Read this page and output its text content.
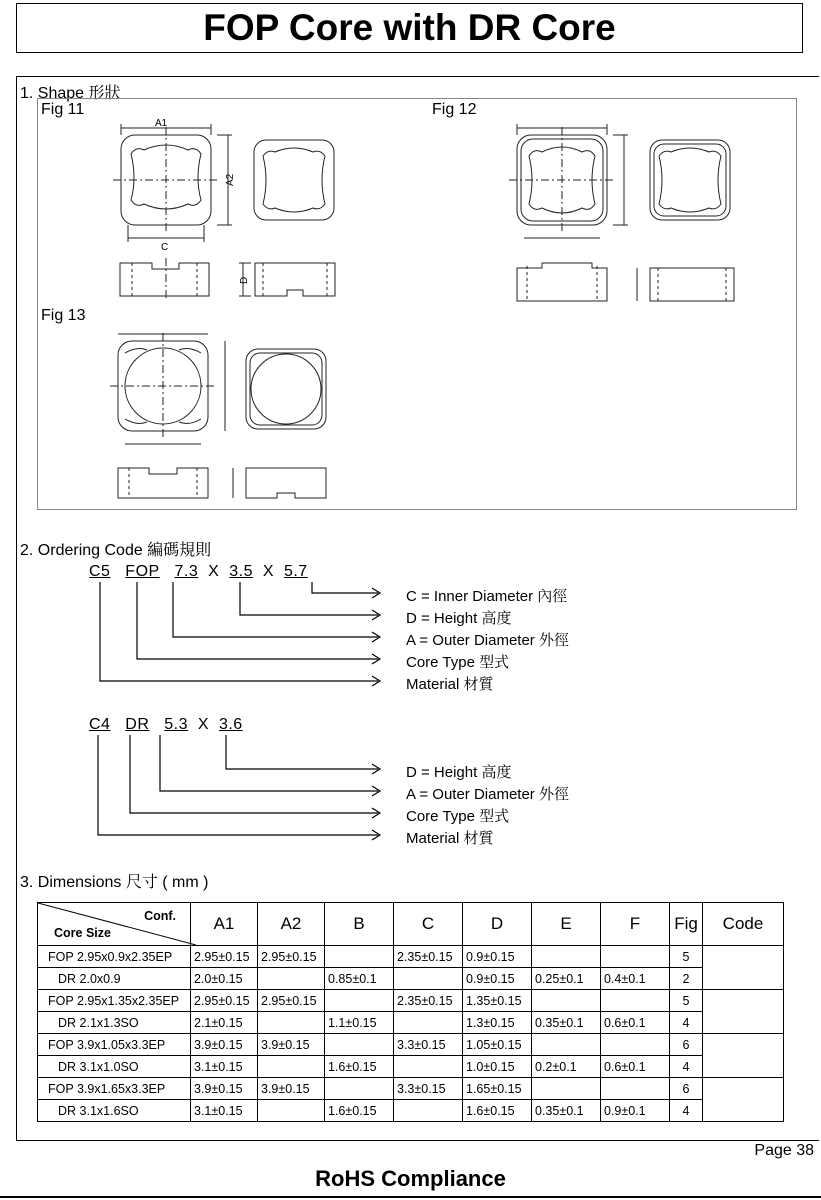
FOP Core with DR Core
1. Shape 形狀
Fig 11	Fig 12
Fig 13
A1
A2
C
D
2. Ordering Code 編碼規則
C5 FOP 7.3 X 3.5 X 5.7
C = Inner Diameter 內徑
D = Height 高度
A = Outer Diameter 外徑
Core Type 型式
Material 材質
C4 DR 5.3 X 3.6
D = Height 高度
A = Outer Diameter 外徑
Core Type 型式
Material 材質
3. Dimensions 尺寸 ( mm )
Conf.
Core Size	A1	A2	B	C	D	E	F	Fig	Code
FOP 2.95x0.9x2.35EP	2.95±0.15	2.95±0.15		2.35±0.15	0.9±0.15			5	
DR 2.0x0.9	2.0±0.15		0.85±0.1		0.9±0.15	0.25±0.1	0.4±0.1	2	
FOP 2.95x1.35x2.35EP	2.95±0.15	2.95±0.15		2.35±0.15	1.35±0.15			5	
DR 2.1x1.3SO	2.1±0.15		1.1±0.15		1.3±0.15	0.35±0.1	0.6±0.1	4	
FOP 3.9x1.05x3.3EP	3.9±0.15	3.9±0.15		3.3±0.15	1.05±0.15			6	
DR 3.1x1.0SO	3.1±0.15		1.6±0.15		1.0±0.15	0.2±0.1	0.6±0.1	4	
FOP 3.9x1.65x3.3EP	3.9±0.15	3.9±0.15		3.3±0.15	1.65±0.15			6	
DR 3.1x1.6SO	3.1±0.15		1.6±0.15		1.6±0.15	0.35±0.1	0.9±0.1	4	
Page 38
RoHS Compliance
